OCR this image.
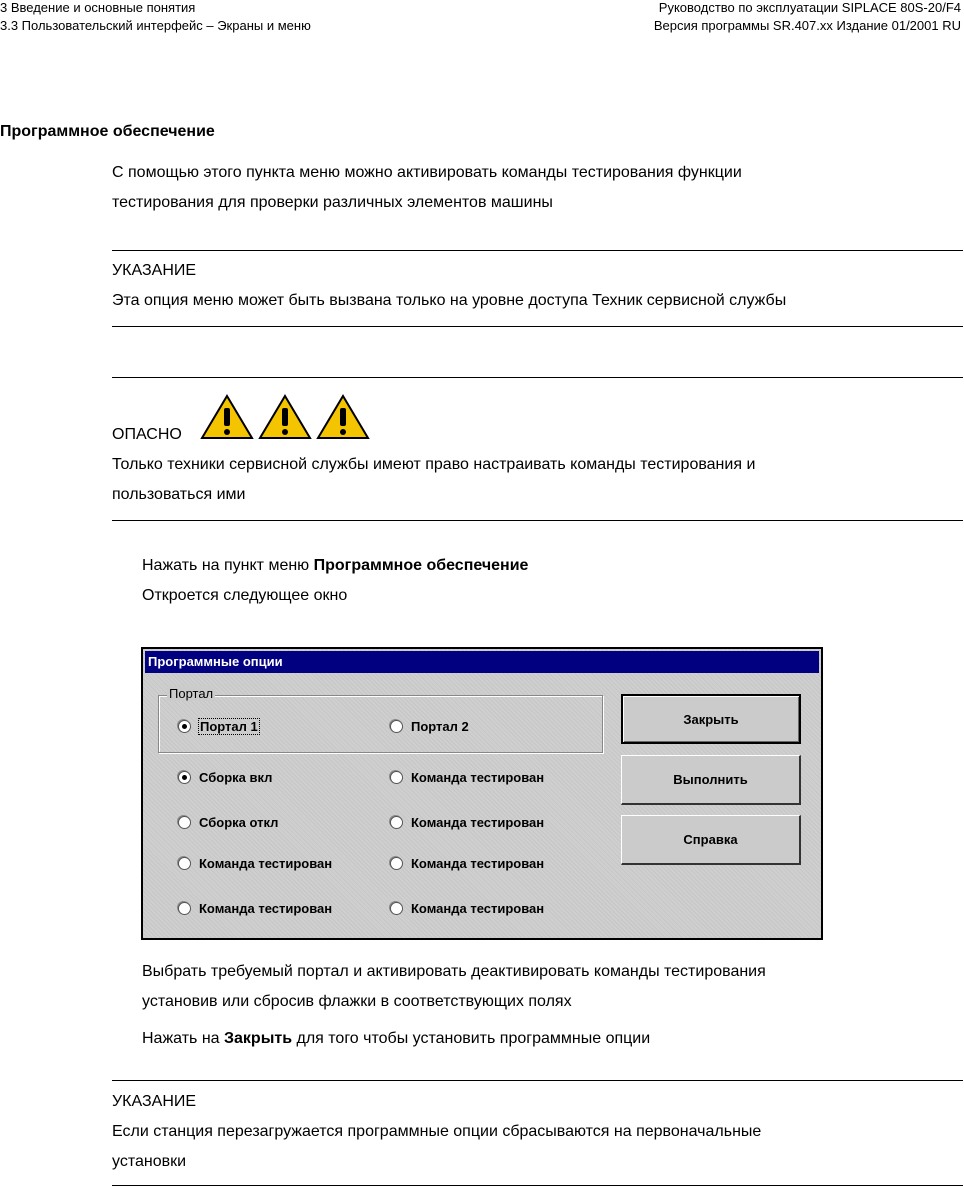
3 Введение и основные понятия
3.3 Пользовательский интерфейс – Экраны и меню
Руководство по эксплуатации SIPLACE 80S-20/F4
Версия программы SR.407.xx Издание 01/2001 RU
Программное обеспечение
С помощью этого пункта меню можно активировать команды тестирования функции
тестирования для проверки различных элементов машины
УКАЗАНИЕ
Эта опция меню может быть вызвана только на уровне доступа Техник сервисной службы
ОПАСНО
Только техники сервисной службы имеют право настраивать команды тестирования и
пользоваться ими
Нажать на пункт меню Программное обеспечение
Откроется следующее окно
Программные опции
Портал
Портал 1	Портал 2
Сборка вкл	Команда тестирован
Сборка откл	Команда тестирован
Команда тестирован	Команда тестирован
Команда тестирован	Команда тестирован
Закрыть
Выполнить
Справка
Выбрать требуемый портал и активировать деактивировать команды тестирования
установив или сбросив флажки в соответствующих полях
Нажать на Закрыть для того чтобы установить программные опции
УКАЗАНИЕ
Если станция перезагружается программные опции сбрасываются на первоначальные
установки
